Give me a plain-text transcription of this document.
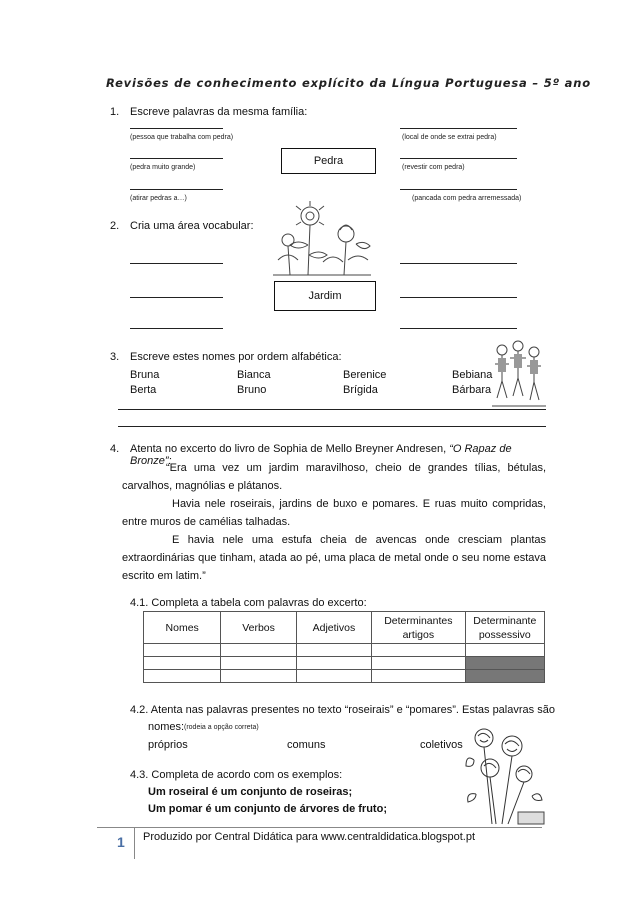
Revisões de conhecimento explícito da Língua Portuguesa – 5º ano
1. Escreve palavras da mesma família:
(pessoa que trabalha com pedra)	(local de onde se extrai pedra)
(pedra muito grande)	(revestir com pedra)
Pedra
(atirar pedras a…)	(pancada com pedra arremessada)
2. Cria uma área vocabular:
Jardim
3. Escreve estes nomes por ordem alfabética:
Bruna	Bianca	Berenice	Bebiana
Berta	Bruno	Brígida	Bárbara
4. Atenta no excerto do livro de Sophia de Mello Breyner Andresen, “O Rapaz de Bronze”:
“Era uma vez um jardim maravilhoso, cheio de grandes tílias, bétulas, carvalhos, magnólias e plátanos.
Havia nele roseirais, jardins de buxo e pomares. E ruas muito compridas, entre muros de camélias talhadas.
E havia nele uma estufa cheia de avencas onde cresciam plantas extraordinárias que tinham, atada ao pé, uma placa de metal onde o seu nome estava escrito em latim.”
4.1. Completa a tabela com palavras do excerto:
Nomes	Verbos	Adjetivos	Determinantes artigos	Determinante possessivo

4.2. Atenta nas palavras presentes no texto “roseirais” e “pomares”. Estas palavras são
nomes: (rodeia a opção correta)
próprios	comuns	coletivos
4.3. Completa de acordo com os exemplos:
Um roseiral é um conjunto de roseiras;
Um pomar é um conjunto de árvores de fruto;
1 Produzido por Central Didática para www.centraldidatica.blogspot.pt
